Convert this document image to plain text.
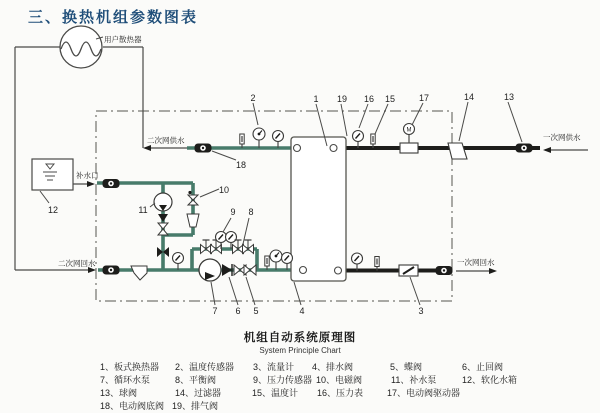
三、换热机组参数图表
用户散热器
补水口
M
2	1 19 16 15	17	14	13
18
10
11
12	9 8
7 6 5	4	3
二次网供水
二次网回水
一次网供水
一次网回水
机组自动系统原理图
System Principle Chart
1、板式换热器 2、温度传感器 3、流量计 4、排水阀	5、蝶阀	6、止回阀
7、循环水泵	8、平衡阀	9、压力传感器 10、电磁阀	11、补水泵	12、软化水箱
13、球阀	14、过滤器	15、温度计 16、压力表	17、电动阀驱动器
18、电动阀底阀 19、排气阀
